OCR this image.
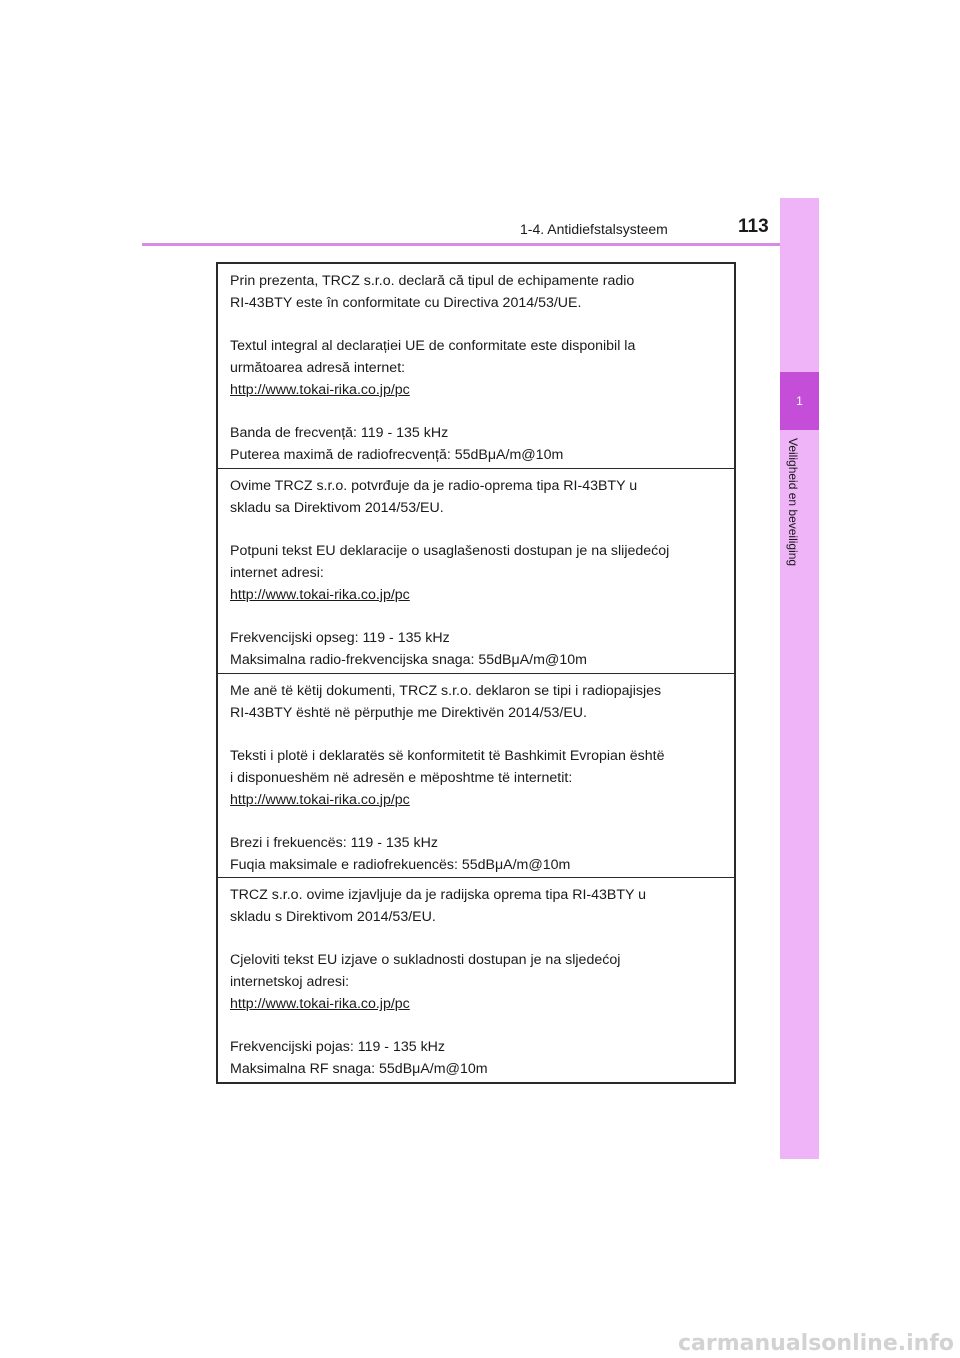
1-4. Antidiefstalsysteem	113
1
Veiligheid en beveiliging

Prin prezenta, TRCZ s.r.o. declară că tipul de echipamente radio
RI-43BTY este în conformitate cu Directiva 2014/53/UE.

Textul integral al declarației UE de conformitate este disponibil la
următoarea adresă internet:
http://www.tokai-rika.co.jp/pc

Banda de frecvență: 119 - 135 kHz
Puterea maximă de radiofrecvență: 55dBμA/m@10m

Ovime TRCZ s.r.o. potvrđuje da je radio-oprema tipa RI-43BTY u
skladu sa Direktivom 2014/53/EU.

Potpuni tekst EU deklaracije o usaglašenosti dostupan je na slijedećoj
internet adresi:
http://www.tokai-rika.co.jp/pc

Frekvencijski opseg: 119 - 135 kHz
Maksimalna radio-frekvencijska snaga: 55dBμA/m@10m

Me anë të këtij dokumenti, TRCZ s.r.o. deklaron se tipi i radiopajisjes
RI-43BTY është në përputhje me Direktivën 2014/53/EU.

Teksti i plotë i deklaratës së konformitetit të Bashkimit Evropian është
i disponueshëm në adresën e mëposhtme të internetit:
http://www.tokai-rika.co.jp/pc

Brezi i frekuencës: 119 - 135 kHz
Fuqia maksimale e radiofrekuencës: 55dBμA/m@10m

TRCZ s.r.o. ovime izjavljuje da je radijska oprema tipa RI-43BTY u
skladu s Direktivom 2014/53/EU.

Cjeloviti tekst EU izjave o sukladnosti dostupan je na sljedećoj
internetskoj adresi:
http://www.tokai-rika.co.jp/pc

Frekvencijski pojas: 119 - 135 kHz
Maksimalna RF snaga: 55dBμA/m@10m

carmanualsonline.info
